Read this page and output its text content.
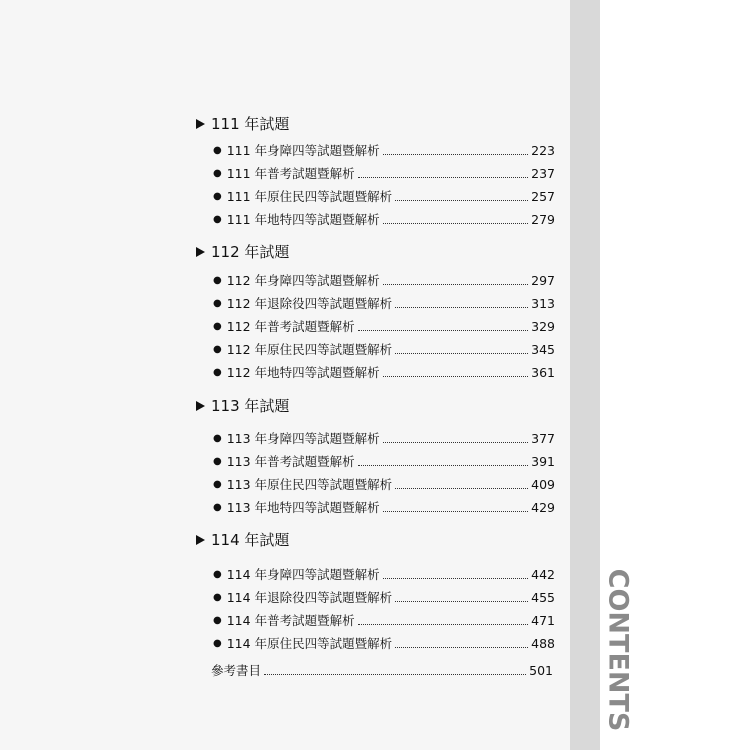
CONTENTS
111 年試題
● 111 年身障四等試題暨解析	223
● 111 年普考試題暨解析	237
● 111 年原住民四等試題暨解析	257
● 111 年地特四等試題暨解析	279
112 年試題
● 112 年身障四等試題暨解析	297
● 112 年退除役四等試題暨解析	313
● 112 年普考試題暨解析	329
● 112 年原住民四等試題暨解析	345
● 112 年地特四等試題暨解析	361
113 年試題
● 113 年身障四等試題暨解析	377
● 113 年普考試題暨解析	391
● 113 年原住民四等試題暨解析	409
● 113 年地特四等試題暨解析	429
114 年試題
● 114 年身障四等試題暨解析	442
● 114 年退除役四等試題暨解析	455
● 114 年普考試題暨解析	471
● 114 年原住民四等試題暨解析	488
參考書目	501
